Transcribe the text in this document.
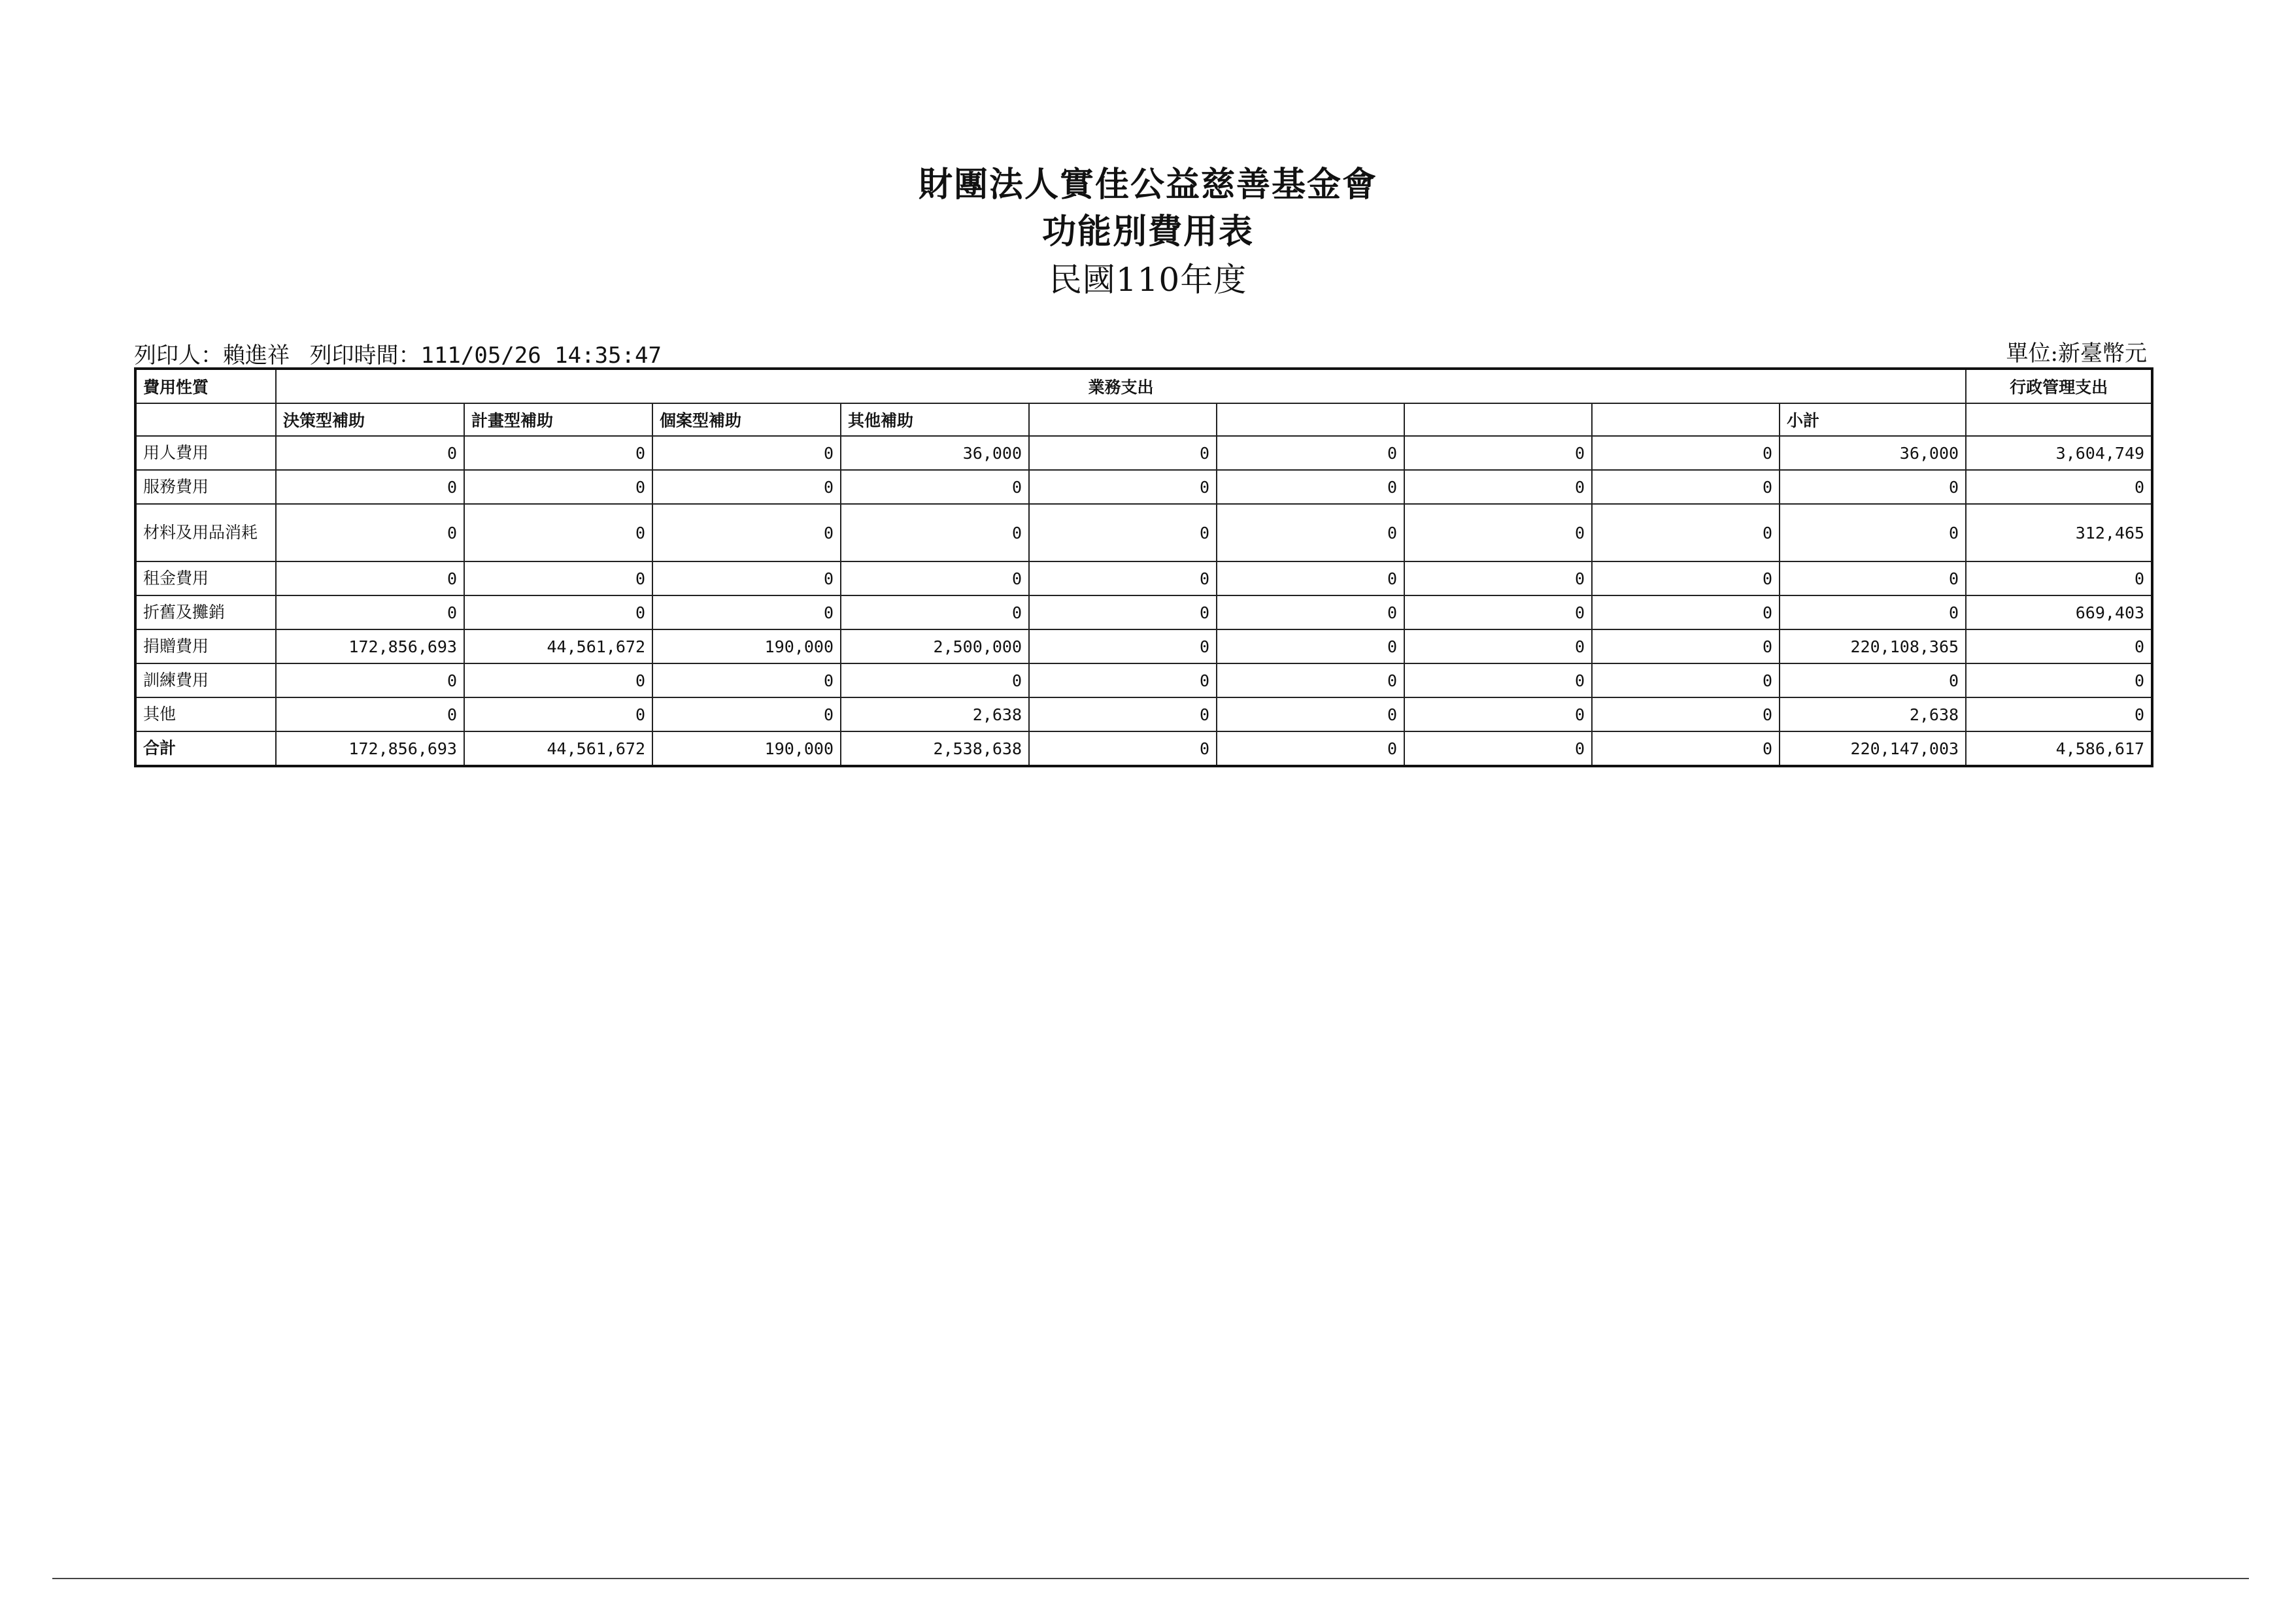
財團法人實佳公益慈善基金會
功能別費用表
民國110年度
列印人：賴進祥 列印時間：111/05/26 14:35:47	單位:新臺幣元
費用性質	業務支出									行政管理支出
	決策型補助	計畫型補助	個案型補助	其他補助					小計	
用人費用	0	0	0	36,000	0	0	0	0	36,000	3,604,749
服務費用	0	0	0	0	0	0	0	0	0	0
材料及用品消耗	0	0	0	0	0	0	0	0	0	312,465
租金費用	0	0	0	0	0	0	0	0	0	0
折舊及攤銷	0	0	0	0	0	0	0	0	0	669,403
捐贈費用	172,856,693	44,561,672	190,000	2,500,000	0	0	0	0	220,108,365	0
訓練費用	0	0	0	0	0	0	0	0	0	0
其他	0	0	0	2,638	0	0	0	0	2,638	0
合計	172,856,693	44,561,672	190,000	2,538,638	0	0	0	0	220,147,003	4,586,617
